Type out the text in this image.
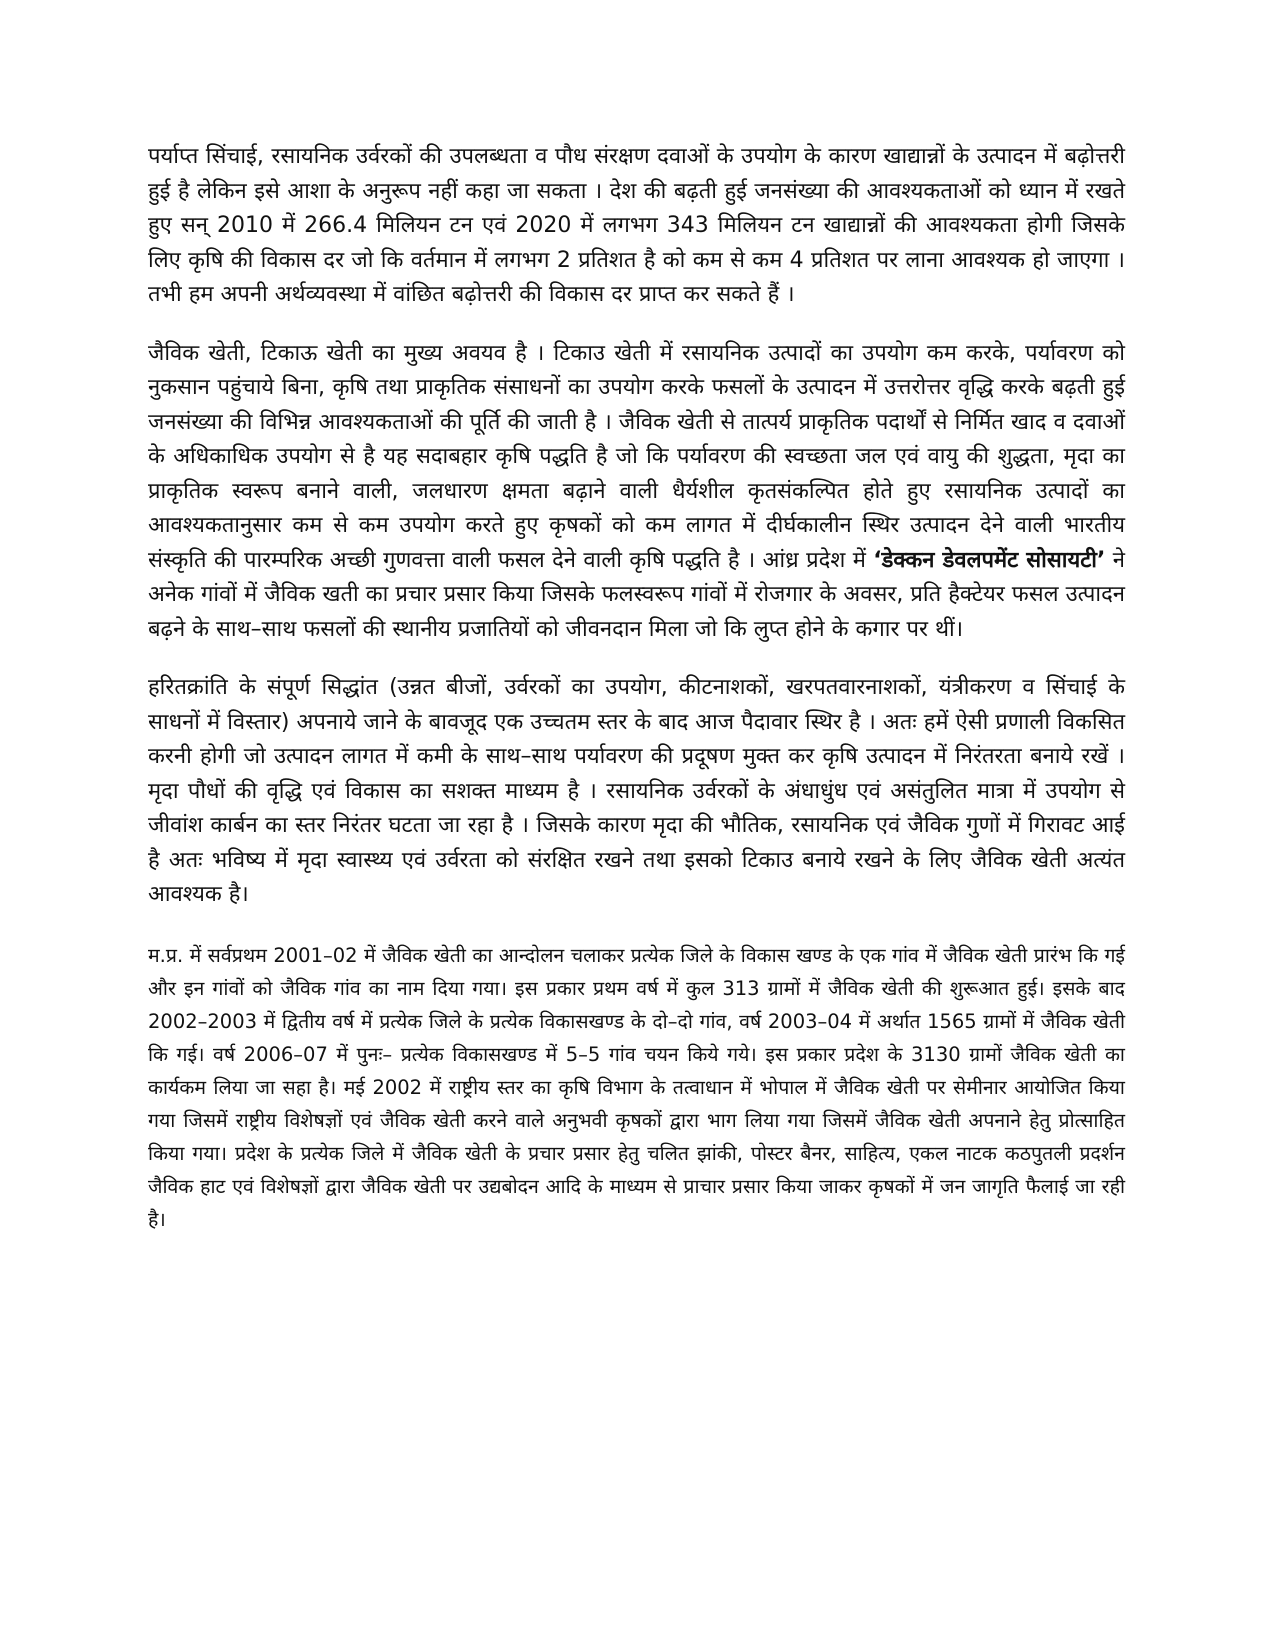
पर्याप्त सिंचाई, रसायनिक उर्वरकों की उपलब्धता व पौध संरक्षण दवाओं के उपयोग के कारण खाद्यान्नों के उत्पादन में बढ़ोत्तरी हुई है लेकिन इसे आशा के अनुरूप नहीं कहा जा सकता । देश की बढ़ती हुई जनसंख्या की आवश्यकताओं को ध्यान में रखते हुए सन् 2010 में 266.4 मिलियन टन एवं 2020 में लगभग 343 मिलियन टन खाद्यान्नों की आवश्यकता होगी जिसके लिए कृषि की विकास दर जो कि वर्तमान में लगभग 2 प्रतिशत है को कम से कम 4 प्रतिशत पर लाना आवश्यक हो जाएगा । तभी हम अपनी अर्थव्यवस्था में वांछित बढ़ोत्तरी की विकास दर प्राप्त कर सकते हैं ।

जैविक खेती, टिकाऊ खेती का मुख्य अवयव है । टिकाउ खेती में रसायनिक उत्पादों का उपयोग कम करके, पर्यावरण को नुकसान पहुंचाये बिना, कृषि तथा प्राकृतिक संसाधनों का उपयोग करके फसलों के उत्पादन में उत्तरोत्तर वृद्धि करके बढ़ती हुई जनसंख्या की विभिन्न आवश्यकताओं की पूर्ति की जाती है । जैविक खेती से तात्पर्य प्राकृतिक पदार्थों से निर्मित खाद व दवाओं के अधिकाधिक उपयोग से है यह सदाबहार कृषि पद्धति है जो कि पर्यावरण की स्वच्छता जल एवं वायु की शुद्धता, मृदा का प्राकृतिक स्वरूप बनाने वाली, जलधारण क्षमता बढ़ाने वाली धैर्यशील कृतसंकल्पित होते हुए रसायनिक उत्पादों का आवश्यकतानुसार कम से कम उपयोग करते हुए कृषकों को कम लागत में दीर्घकालीन स्थिर उत्पादन देने वाली भारतीय संस्कृति की पारम्परिक अच्छी गुणवत्ता वाली फसल देने वाली कृषि पद्धति है । आंध्र प्रदेश में ‘डेक्कन डेवलपमेंट सोसायटी’ ने अनेक गांवों में जैविक खती का प्रचार प्रसार किया जिसके फलस्वरूप गांवों में रोजगार के अवसर, प्रति हैक्टेयर फसल उत्पादन बढ़ने के साथ–साथ फसलों की स्थानीय प्रजातियों को जीवनदान मिला जो कि लुप्त होने के कगार पर थीं।

हरितक्रांति के संपूर्ण सिद्धांत (उन्नत बीजों, उर्वरकों का उपयोग, कीटनाशकों, खरपतवारनाशकों, यंत्रीकरण व सिंचाई के साधनों में विस्तार) अपनाये जाने के बावजूद एक उच्चतम स्तर के बाद आज पैदावार स्थिर है । अतः हमें ऐसी प्रणाली विकसित करनी होगी जो उत्पादन लागत में कमी के साथ–साथ पर्यावरण की प्रदूषण मुक्त कर कृषि उत्पादन में निरंतरता बनाये रखें । मृदा पौधों की वृद्धि एवं विकास का सशक्त माध्यम है । रसायनिक उर्वरकों के अंधाधुंध एवं असंतुलित मात्रा में उपयोग से जीवांश कार्बन का स्तर निरंतर घटता जा रहा है । जिसके कारण मृदा की भौतिक, रसायनिक एवं जैविक गुणों में गिरावट आई है अतः भविष्य में मृदा स्वास्थ्य एवं उर्वरता को संरक्षित रखने तथा इसको टिकाउ बनाये रखने के लिए जैविक खेती अत्यंत आवश्यक है।

म.प्र. में सर्वप्रथम 2001–02 में जैविक खेती का आन्दोलन चलाकर प्रत्येक जिले के विकास खण्ड के एक गांव में जैविक खेती प्रारंभ कि गई और इन गांवों को जैविक गांव का नाम दिया गया। इस प्रकार प्रथम वर्ष में कुल 313 ग्रामों में जैविक खेती की शुरूआत हुई। इसके बाद 2002–2003 में द्वितीय वर्ष में प्रत्येक जिले के प्रत्येक विकासखण्ड के दो–दो गांव, वर्ष 2003–04 में अर्थात 1565 ग्रामों में जैविक खेती कि गई। वर्ष 2006–07 में पुनः– प्रत्येक विकासखण्ड में 5–5 गांव चयन किये गये। इस प्रकार प्रदेश के 3130 ग्रामों जैविक खेती का कार्यकम लिया जा सहा है। मई 2002 में राष्ट्रीय स्तर का कृषि विभाग के तत्वाधान में भोपाल में जैविक खेती पर सेमीनार आयोजित किया गया जिसमें राष्ट्रीय विशेषज्ञों एवं जैविक खेती करने वाले अनुभवी कृषकों द्वारा भाग लिया गया जिसमें जैविक खेती अपनाने हेतु प्रोत्साहित किया गया। प्रदेश के प्रत्येक जिले में जैविक खेती के प्रचार प्रसार हेतु चलित झांकी, पोस्टर बैनर, साहित्य, एकल नाटक कठपुतली प्रदर्शन जैविक हाट एवं विशेषज्ञों द्वारा जैविक खेती पर उद्यबोदन आदि के माध्यम से प्राचार प्रसार किया जाकर कृषकों में जन जागृति फैलाई जा रही है।
